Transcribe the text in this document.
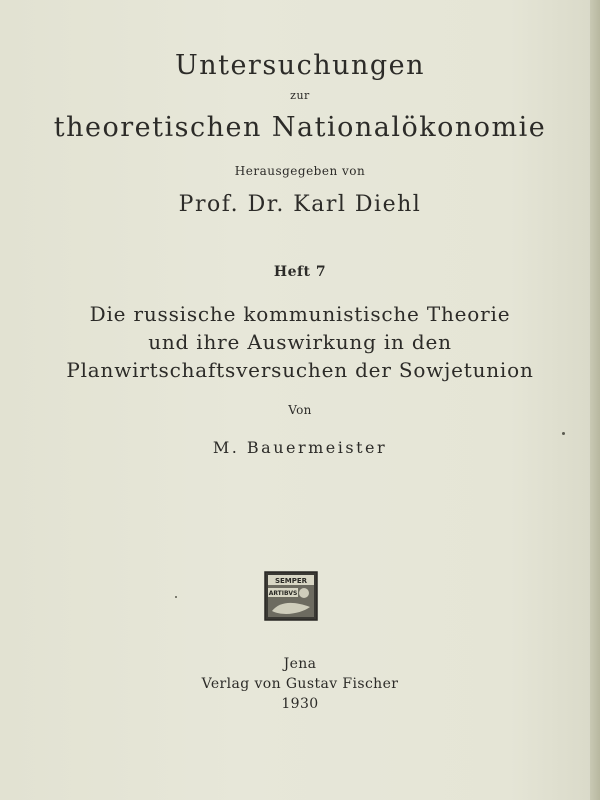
Untersuchungen
zur
theoretischen Nationalökonomie
Herausgegeben von
Prof. Dr. Karl Diehl
Heft 7
Die russische kommunistische Theorie
und ihre Auswirkung in den
Planwirtschaftsversuchen der Sowjetunion
Von
M. Bauermeister
SEMPER
ARTIBVS
Jena
Verlag von Gustav Fischer
1930
